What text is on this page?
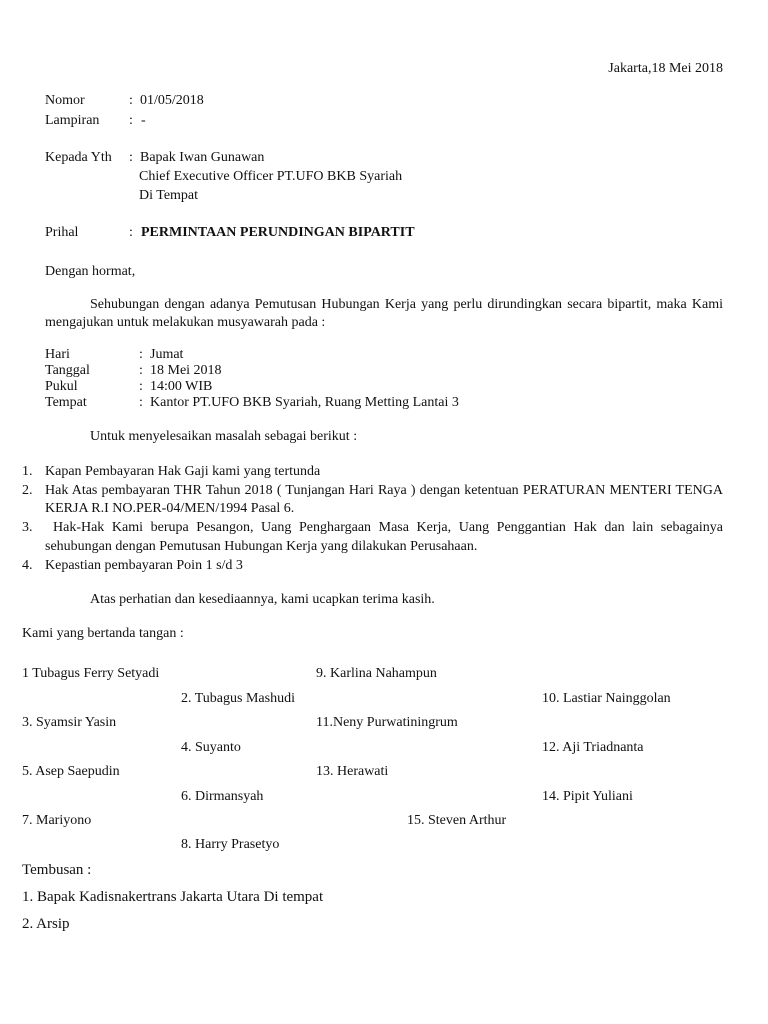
Jakarta,18 Mei 2018
Nomor	: 01/05/2018
Lampiran : -
Kepada Yth : Bapak Iwan Gunawan
Chief Executive Officer PT.UFO BKB Syariah
Di Tempat
Prihal	: PERMINTAAN PERUNDINGAN BIPARTIT
Dengan hormat,
Sehubungan dengan adanya Pemutusan Hubungan Kerja yang perlu dirundingkan secara bipartit, maka Kami
mengajukan untuk melakukan musyawarah pada :
Hari	: Jumat
Tanggal	: 18 Mei 2018
Pukul	: 14:00 WIB
Tempat	: Kantor PT.UFO BKB Syariah, Ruang Metting Lantai 3
Untuk menyelesaikan masalah sebagai berikut :
1. Kapan Pembayaran Hak Gaji kami yang tertunda
2. Hak Atas pembayaran THR Tahun 2018 ( Tunjangan Hari Raya ) dengan ketentuan PERATURAN MENTERI TENGA
KERJA R.I NO.PER-04/MEN/1994 Pasal 6.
3. Hak-Hak Kami berupa Pesangon, Uang Penghargaan Masa Kerja, Uang Penggantian Hak dan lain sebagainya
sehubungan dengan Pemutusan Hubungan Kerja yang dilakukan Perusahaan.
4. Kepastian pembayaran Poin 1 s/d 3
Atas perhatian dan kesediaannya, kami ucapkan terima kasih.
Kami yang bertanda tangan :
1 Tubagus Ferry Setyadi	9. Karlina Nahampun
2. Tubagus Mashudi	10. Lastiar Nainggolan
3. Syamsir Yasin	11.Neny Purwatiningrum
4. Suyanto	12. Aji Triadnanta
5. Asep Saepudin	13. Herawati
6. Dirmansyah	14. Pipit Yuliani
7. Mariyono	15. Steven Arthur
8. Harry Prasetyo
Tembusan :
1. Bapak Kadisnakertrans Jakarta Utara Di tempat
2. Arsip
